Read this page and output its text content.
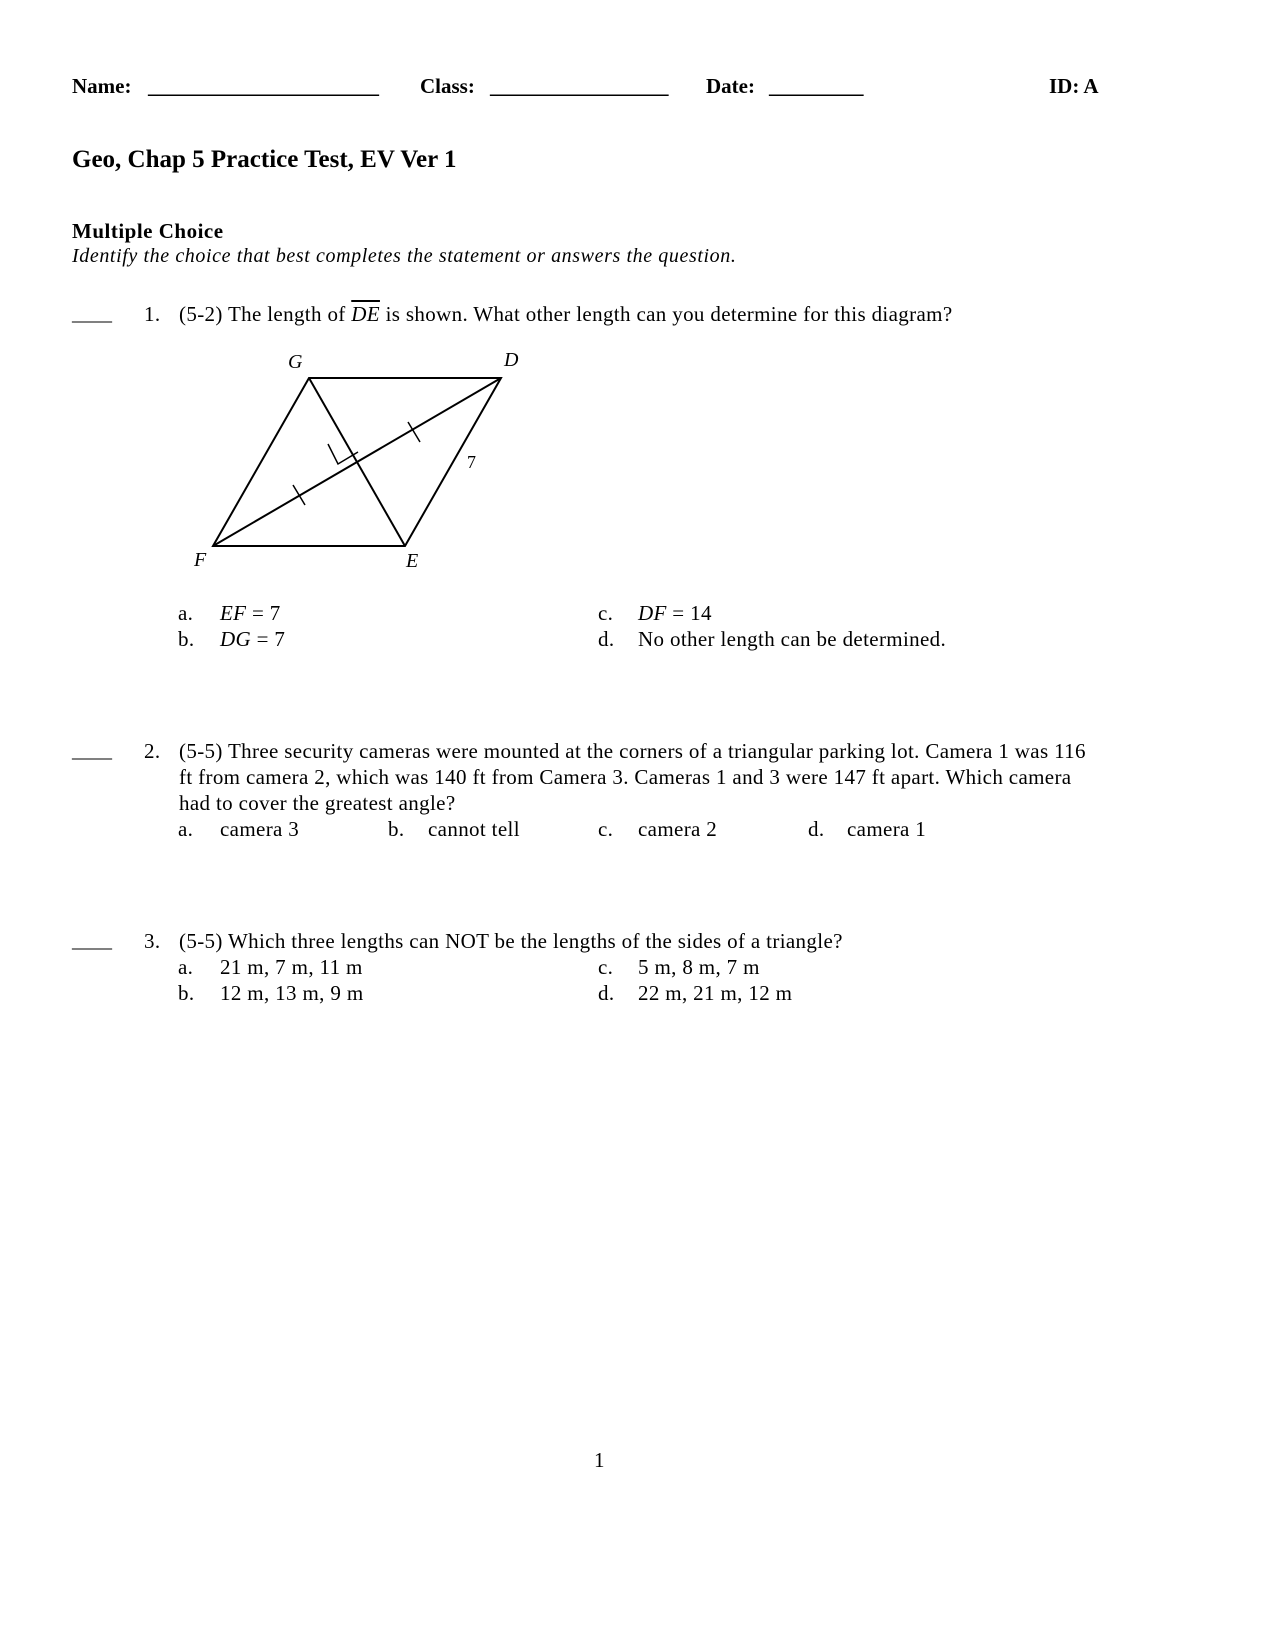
Name: ______________________ Class: _________________ Date: _________	ID: A
Geo, Chap 5 Practice Test, EV Ver 1
Multiple Choice
Identify the choice that best completes the statement or answers the question.
____ 1. (5-2) The length of $\overline{DE}$ is shown. What other length can you determine for this diagram?
G	D
F	E
7
a. EF = 7
b. DG = 7
c. DF = 14
d. No other length can be determined.
____ 2. (5-5) Three security cameras were mounted at the corners of a triangular parking lot. Camera 1 was 116
ft from camera 2, which was 140 ft from Camera 3. Cameras 1 and 3 were 147 ft apart. Which camera
had to cover the greatest angle?
a. camera 3	b. cannot tell	c. camera 2	d. camera 1
____ 3. (5-5) Which three lengths can NOT be the lengths of the sides of a triangle?
a. 21 m, 7 m, 11 m
b. 12 m, 13 m, 9 m
c. 5 m, 8 m, 7 m
d. 22 m, 21 m, 12 m
1
